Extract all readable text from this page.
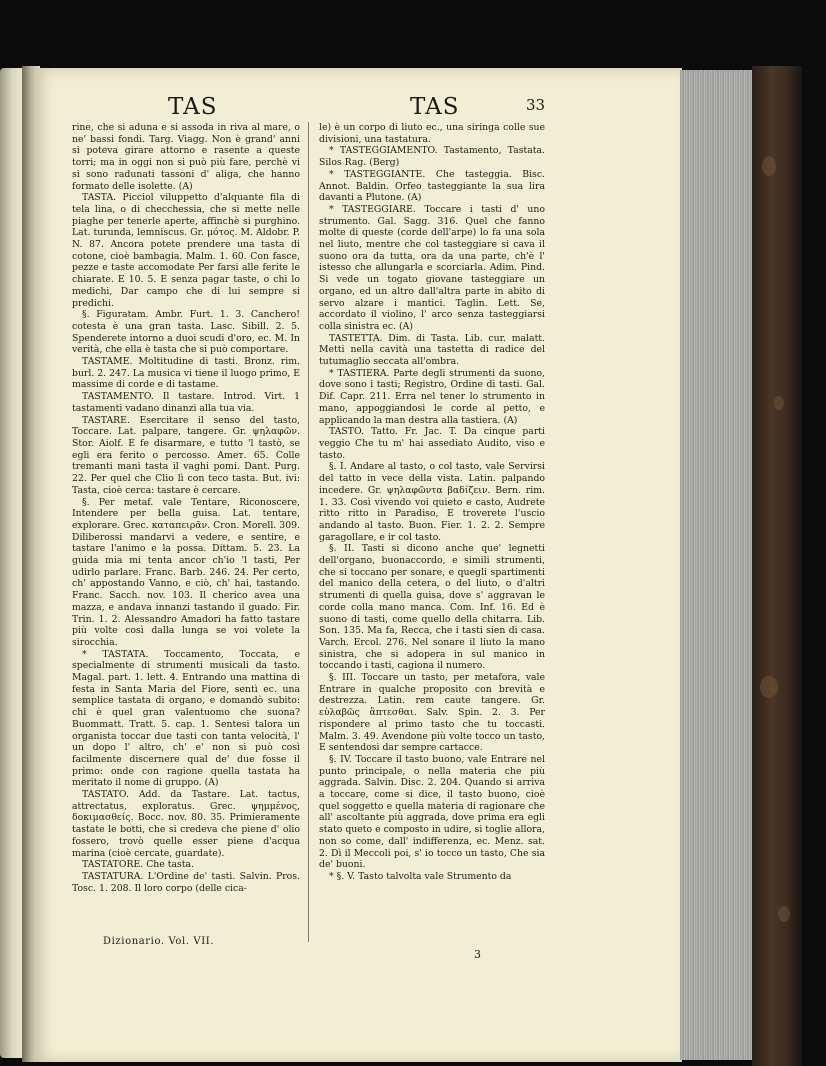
TAS	TAS	33

rine, che si aduna e si assoda in riva al mare, o ne' bassi fondi. Targ. Viagg. Non è grand' anni si poteva girare attorno e rasente a queste torri; ma in oggi non si può più fare, perchè vi si sono radunati tassoni d' aliga, che hanno formato delle isolette. (A)

TASTA. Picciol viluppetto d'alquante fila di tela lina, o di checchessia, che si mette nelle piaghe per tenerle aperte, affinchè si purghino. Lat. turunda, lemniscus. Gr. μότος. M. Aldobr. P. N. 87. Ancora potete prendere una tasta di cotone, cioè bambagia. Malm. 1. 60. Con fasce, pezze e taste accomodate Per farsi alle ferite le chiarate. E 10. 5. E senza pagar taste, o chi lo medichi, Dar campo che di lui sempre si predichi.

§. Figuratam. Ambr. Furt. 1. 3. Canchero! cotesta è una gran tasta. Lasc. Sibill. 2. 5. Spenderete intorno a duoi scudi d'oro, ec. M. In verità, che ella è tasta che si può comportare.

TASTAME. Moltitudine di tasti. Bronz. rim. burl. 2. 247. La musica vi tiene il luogo primo, E massime di corde e di tastame.

TASTAMENTO. Il tastare. Introd. Virt. 1 tastamenti vadano dinanzi alla tua via.

TASTARE. Esercitare il senso del tasto, Toccare. Lat. palpare, tangere. Gr. ψηλαφῶν. Stor. Aiolf. E fe disarmare, e tutto 'l tastò, se egli era ferito o percosso. Ameт. 65. Colle tremanti mani tasta il vaghi pomi. Dant. Purg. 22. Per quel che Clio lì con teco tasta. But. ivi: Tasta, cioè cerca: tastare è cercare.

§. Per metaf. vale Tentare, Riconoscere, Intendere per bella guisa. Lat. tentare, explorare. Grec. καταπειρᾶν. Cron. Morell. 309. Diliberossi mandarvi a vedere, e sentire, e tastare l'animo e la possa. Dittam. 5. 23. La guida mia mi tenta ancor ch'io 'l tasti, Per udirlo parlare. Franc. Barb. 246. 24. Per certo, ch' appostando Vanno, e ciò, ch' hai, tastando. Franc. Sacch. nov. 103. Il cherico avea una mazza, e andava innanzi tastando il guado. Fir. Trin. 1. 2. Alessandro Amadori ha fatto tastare più volte così dalla lunga se voi volete la sirocchia.

* TASTATA. Toccamento, Toccata, e specialmente di strumenti musicali da tasto. Magal. part. 1. lett. 4. Entrando una mattina di festa in Santa Maria del Fiore, sentì ec. una semplice tastata di organo, e domandò subito: chi è quel gran valentuomo che suona? Buommatt. Tratt. 5. cap. 1. Sentesi talora un organista toccar due tasti con tanta velocità, l' un dopo l' altro, ch' e' non si può così facilmente discernere qual de' due fosse il primo: onde con ragione quella tastata ha meritato il nome di gruppo. (A)

TASTATO. Add. da Tastare. Lat. tactus, attrectatus, exploratus. Grec. ψημμένος, δοκιμασθείς. Bocc. nov. 80. 35. Primieramente tastate le botti, che si credeva che piene d' olio fossero, trovò quelle esser piene d'acqua marina (cioè cercate, guardate).

TASTATORE. Che tasta.

TASTATURA. L'Ordine de' tasti. Salvin. Pros. Tosc. 1. 208. Il loro corpo (delle cica-

le) è un corpo di liuto ec., una siringa colle sue divisioni, una tastatura.

* TASTEGGIAMENTO. Tastamento, Tastata. Silos Rag. (Berg)

* TASTEGGIANTE. Che tasteggia. Bisc. Annot. Baldin. Orfeo tasteggiante la sua lira davanti a Plutone. (A)

* TASTEGGIARE. Toccare i tasti d' uno strumento. Gal. Sagg. 316. Quel che fanno molte di queste (corde dell'arpe) lo fa una sola nel liuto, mentre che col tasteggiare si cava il suono ora da tutta, ora da una parte, ch'è l' istesso che allungarla e scorciarla. Adim. Pind. Si vede un togato giovane tasteggiare un organo, ed un altro dall'altra parte in abito di servo alzare i mantici. Taglin. Lett. Se, accordato il violino, l' arco senza tasteggiarsi colla sinistra ec. (A)

TASTETTA. Dim. di Tasta. Lib. cur. malatt. Metti nella cavità una tastetta di radice del tutumaglio seccata all'ombra.

* TASTIERA. Parte degli strumenti da suono, dove sono i tasti; Registro, Ordine di tasti. Gal. Dif. Capr. 211. Erra nel tener lo strumento in mano, appoggiandosi le corde al petto, e applicando la man destra alla tastiera. (A)

TASTO. Tatto. Fr. Jac. T. Da cinque parti veggio Che tu m' hai assediato Audito, viso e tasto.

§. I. Andare al tasto, o col tasto, vale Servirsi del tatto in vece della vista. Latin. palpando incedere. Gr. ψηλαφῶντα βαδίζειν. Bern. rim. 1. 33. Così vivendo voi quieto e casto, Audrete ritto ritto in Paradiso, E troverete l'uscio andando al tasto. Buon. Fier. 1. 2. 2. Sempre garagollare, e ir col tasto.

§. II. Tasti si dicono anche que' legnetti dell'organo, buonaccordo, e simili strumenti, che si toccano per sonare, e quegli spartimenti del manico della cetera, o del liuto, o d'altri strumenti di quella guisa, dove s' aggravan le corde colla mano manca. Com. Inf. 16. Ed è suono di tasti, come quello della chitarra. Lib. Son. 135. Ma fa, Recca, che i tasti sien di casa. Varch. Ercol. 276. Nel sonare il liuto la mano sinistra, che si adopera in sul manico in toccando i tasti, cagiona il numero.

§. III. Toccare un tasto, per metafora, vale Entrare in qualche proposito con brevità e destrezza. Latin. rem caute tangere. Gr. εὐλαβῶς ἅπτεσθαι. Salv. Spin. 2. 3. Per rispondere al primo tasto che tu toccasti. Malm. 3. 49. Avendone più volte tocco un tasto, E sentendosi dar sempre cartacce.

§. IV. Toccare il tasto buono, vale Entrare nel punto principale, o nella materia che più aggrada. Salvin. Disc. 2. 204. Quando si arriva a toccare, come si dice, il tasto buono, cioè quel soggetto e quella materia di ragionare che all' ascoltante più aggrada, dove prima era egli stato queto e composto in udire, si toglie allora, non so come, dall' indifferenza, ec. Menz. sat. 2. Dì il Meccoli poi, s' io tocco un tasto, Che sia de' buoni.

* §. V. Tasto talvolta vale Strumento da

Dizionario. Vol. VII.
3
